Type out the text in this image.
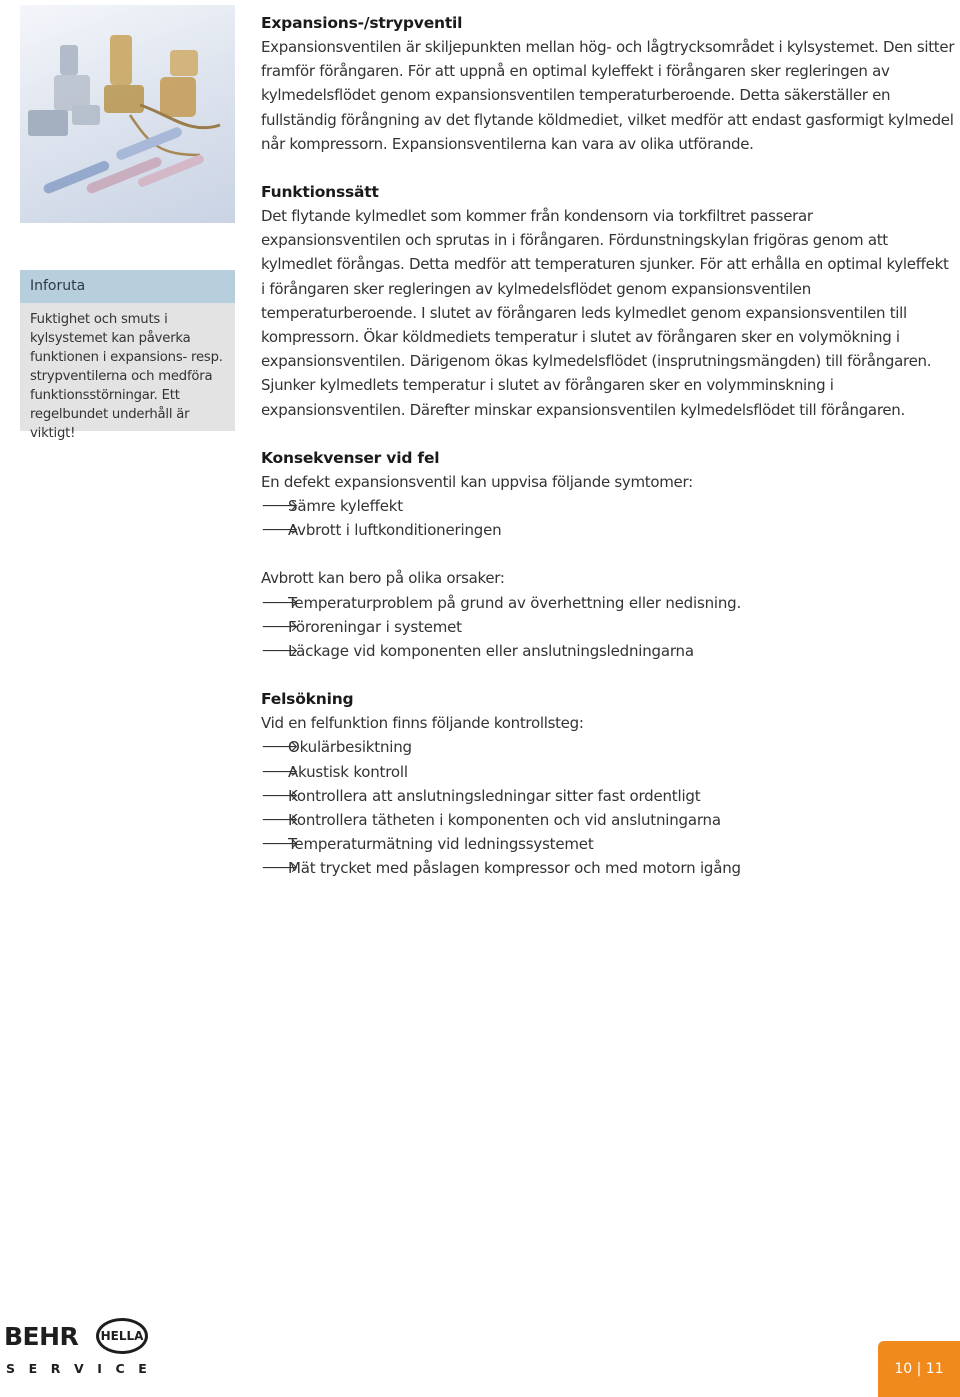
Inforuta
Fuktighet och smuts i kylsystemet kan påverka funktionen i expansions- resp. strypventilerna och medföra funktionsstörningar. Ett regelbundet underhåll är viktigt!
Expansions-/strypventil

Expansionsventilen är skiljepunkten mellan hög- och lågtrycksområdet i kylsystemet. Den sitter framför förångaren. För att uppnå en optimal kyleffekt i förångaren sker regleringen av kylmedelsflödet genom expansionsventilen temperaturberoende. Detta säkerställer en fullständig förångning av det flytande köldmediet, vilket medför att endast gasformigt kylmedel når kompressorn. Expansionsventilerna kan vara av olika utförande.

Funktionssätt

Det flytande kylmedlet som kommer från kondensorn via torkfiltret passerar expansionsventilen och sprutas in i förångaren. Fördunstningskylan frigöras genom att kylmedlet förångas. Detta medför att temperaturen sjunker. För att erhålla en optimal kyleffekt i förångaren sker regleringen av kylmedelsflödet genom expansionsventilen temperaturberoende. I slutet av förångaren leds kylmedlet genom expansionsventilen till kompressorn. Ökar köldmediets temperatur i slutet av förångaren sker en volymökning i expansionsventilen. Därigenom ökas kylmedelsflödet (insprutningsmängden) till förångaren. Sjunker kylmedlets temperatur i slutet av förångaren sker en volymminskning i expansionsventilen. Därefter minskar expansionsventilen kylmedelsflödet till förångaren.

Konsekvenser vid fel

En defekt expansionsventil kan uppvisa följande symtomer:

🡒
Sämre kyleffekt
🡒
Avbrott i luftkonditioneringen

Avbrott kan bero på olika orsaker:

🡒
Temperaturproblem på grund av överhettning eller nedisning.
🡒
Föroreningar i systemet
🡒
Läckage vid komponenten eller anslutningsledningarna
Felsökning

Vid en felfunktion finns följande kontrollsteg:

🡒
Okulärbesiktning
🡒
Akustisk kontroll
🡒
Kontrollera att anslutningsledningar sitter fast ordentligt
🡒
Kontrollera tätheten i komponenten och vid anslutningarna
🡒
Temperaturmätning vid ledningssystemet
🡒
Mät trycket med påslagen kompressor och med motorn igång
BEHR	HELLA
SERVICE	10 | 11
